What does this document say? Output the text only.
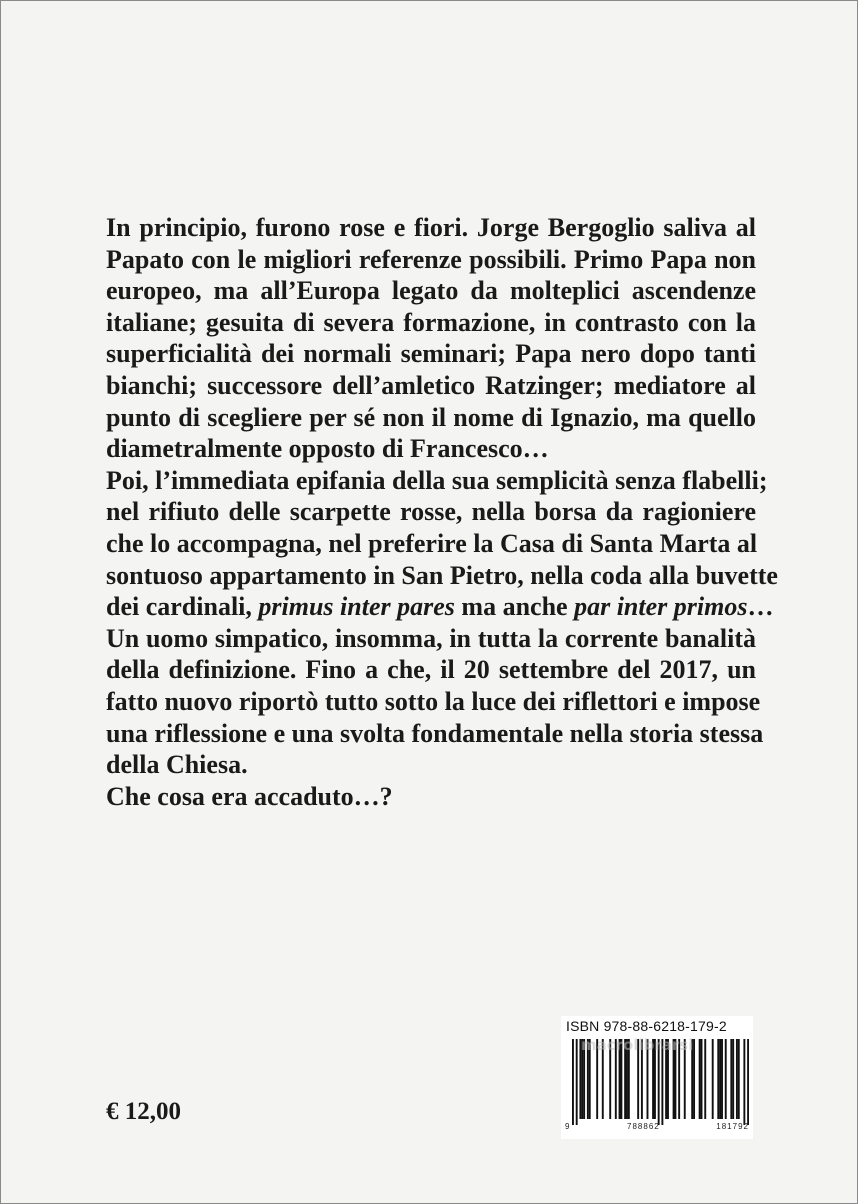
In principio, furono rose e fiori. Jorge Bergoglio saliva al
Papato con le migliori referenze possibili. Primo Papa non
europeo, ma all’Europa legato da molteplici ascendenze
italiane; gesuita di severa formazione, in contrasto con la
superficialità dei normali seminari; Papa nero dopo tanti
bianchi; successore dell’amletico Ratzinger; mediatore al
punto di scegliere per sé non il nome di Ignazio, ma quello
diametralmente opposto di Francesco…
Poi, l’immediata epifania della sua semplicità senza flabelli;
nel rifiuto delle scarpette rosse, nella borsa da ragioniere
che lo accompagna, nel preferire la Casa di Santa Marta al
sontuoso appartamento in San Pietro, nella coda alla buvette
dei cardinali, primus inter pares ma anche par inter primos…
Un uomo simpatico, insomma, in tutta la corrente banalità
della definizione. Fino a che, il 20 settembre del 2017, un
fatto nuovo riportò tutto sotto la luce dei riflettori e impose
una riflessione e una svolta fondamentale nella storia stessa
della Chiesa.
Che cosa era accaduto…?
€ 12,00
ISBN 978-88-6218-179-2
9	788862	181792
macrolibrarsi
